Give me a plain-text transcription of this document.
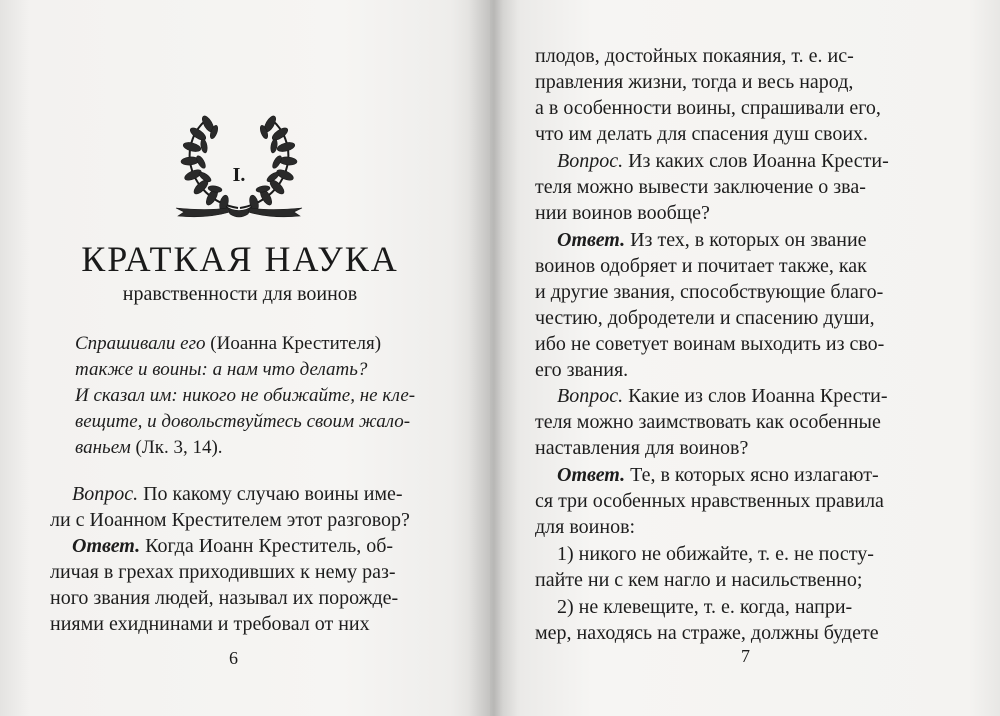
I.
КРАТКАЯ НАУКА
нравственности для воинов
Спрашивали его (Иоанна Крестителя)
также и воины: а нам что делать?
И сказал им: никого не обижайте, не кле-
вещите, и довольствуйтесь своим жало-
ваньем (Лк. 3, 14).
Вопрос. По какому случаю воины име-
ли с Иоанном Крестителем этот разговор?
Ответ. Когда Иоанн Креститель, об-
личая в грехах приходивших к нему раз-
ного звания людей, называл их порожде-
ниями ехиднинами и требовал от них
6
плодов, достойных покаяния, т. е. ис-
правления жизни, тогда и весь народ,
а в особенности воины, спрашивали его,
что им делать для спасения душ своих.
Вопрос. Из каких слов Иоанна Крести-
теля можно вывести заключение о зва-
нии воинов вообще?
Ответ. Из тех, в которых он звание
воинов одобряет и почитает также, как
и другие звания, способствующие благо-
честию, добродетели и спасению души,
ибо не советует воинам выходить из сво-
его звания.
Вопрос. Какие из слов Иоанна Крести-
теля можно заимствовать как особенные
наставления для воинов?
Ответ. Те, в которых ясно излагают-
ся три особенных нравственных правила
для воинов:
1) никого не обижайте, т. е. не посту-
пайте ни с кем нагло и насильственно;
2) не клевещите, т. е. когда, напри-
мер, находясь на страже, должны будете
7
